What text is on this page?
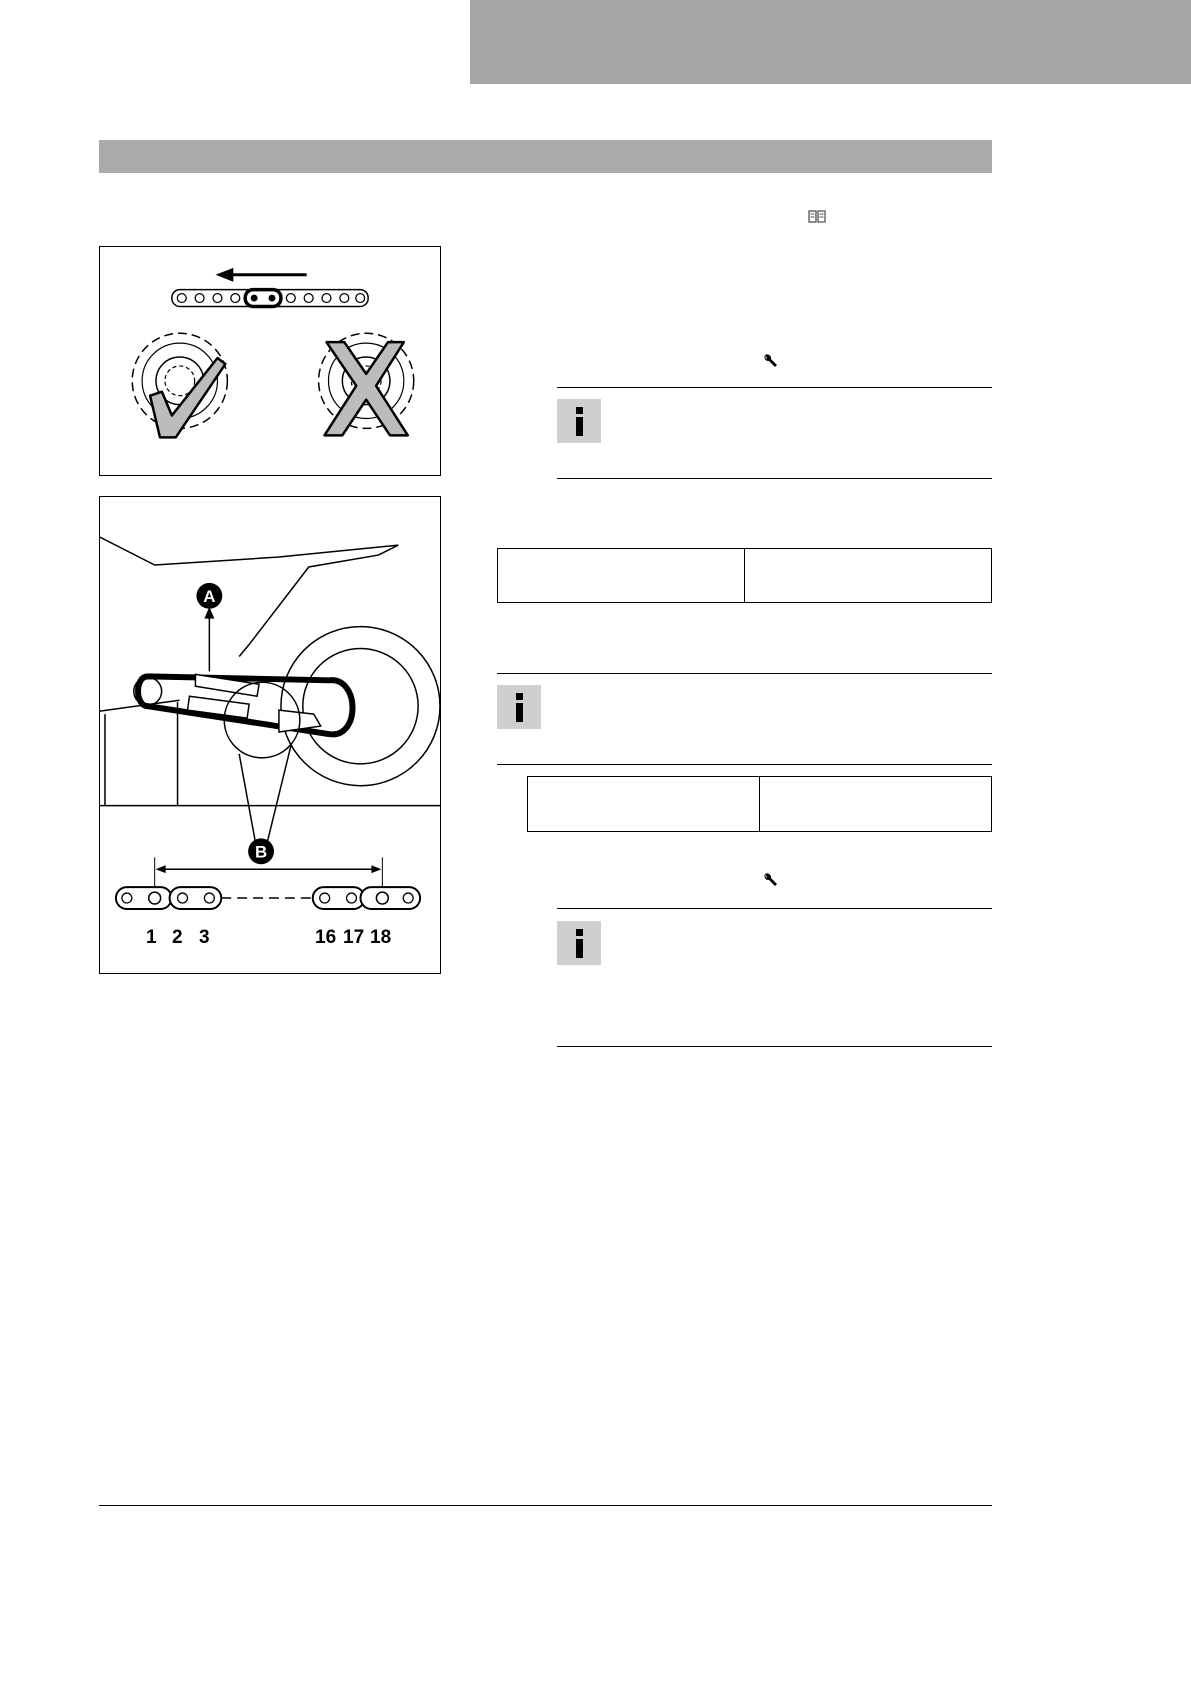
A
B
1 2 3	16 17 18
